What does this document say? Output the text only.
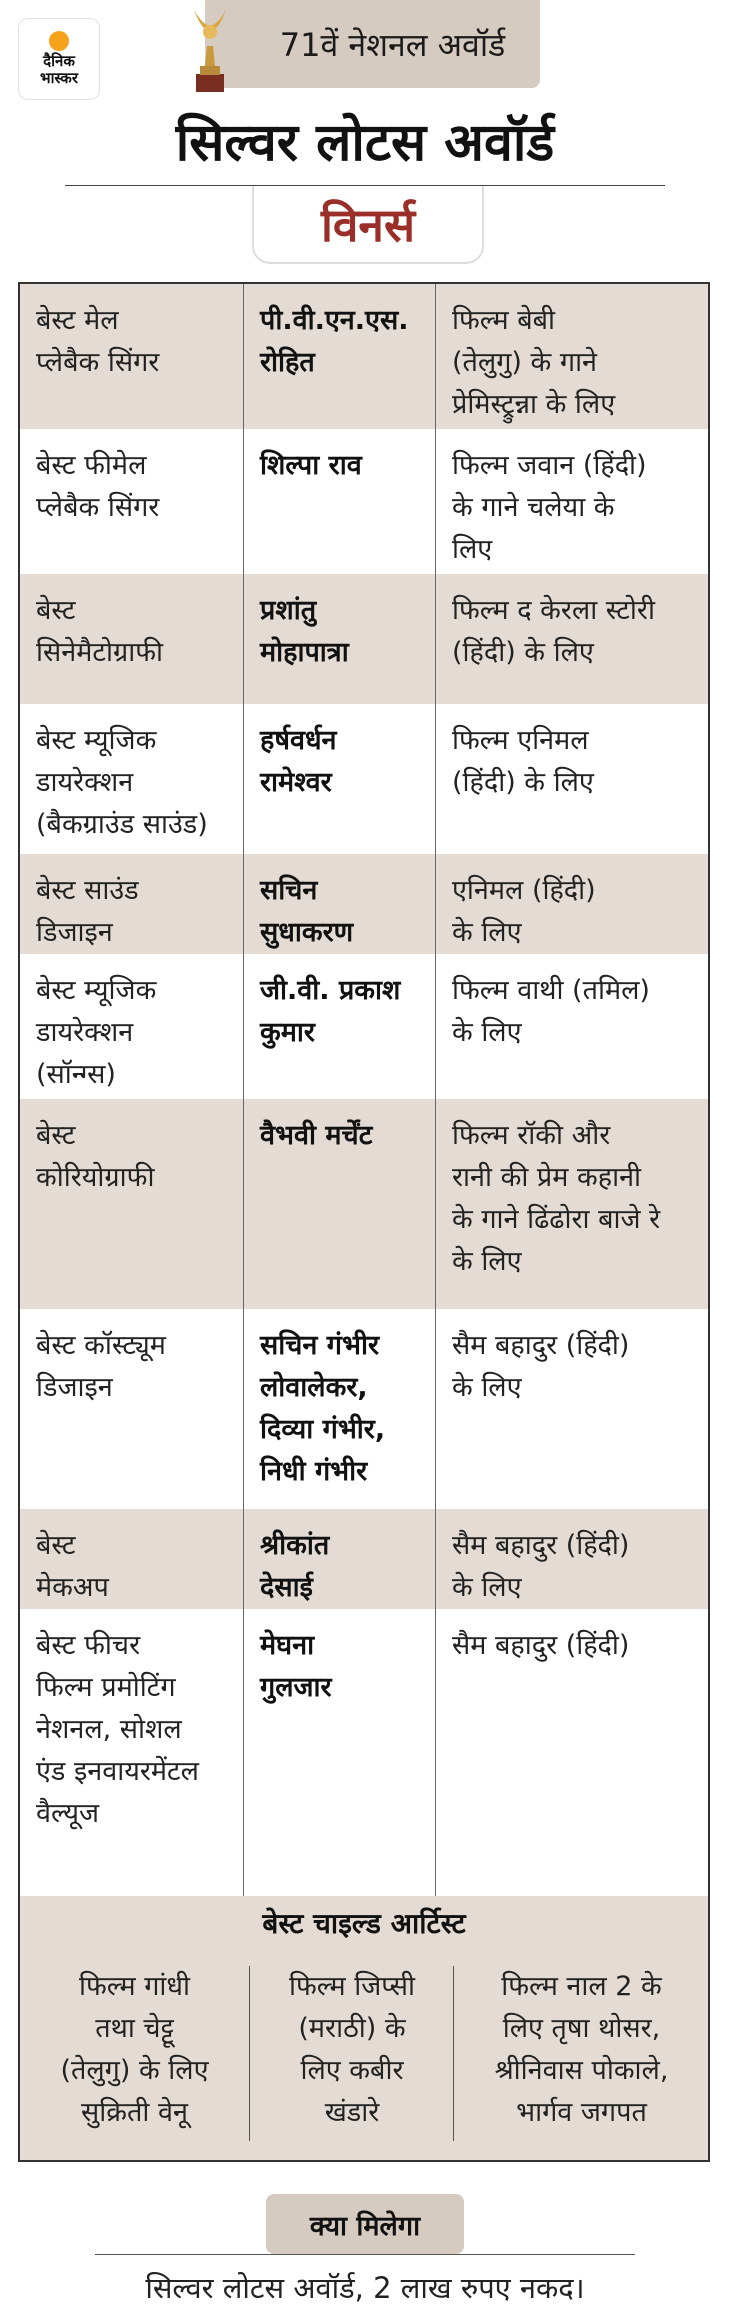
दैनिक
भास्कर
71वें नेशनल अवॉर्ड
सिल्वर लोटस अवॉर्ड
विनर्स
बेस्ट मेल
प्लेबैक सिंगर
पी.वी.एन.एस.
रोहित
फिल्म बेबी
(तेलुगु) के गाने
प्रेमिस्ट्रुन्ना के लिए
बेस्ट फीमेल
प्लेबैक सिंगर
शिल्पा राव	फिल्म जवान (हिंदी)
के गाने चलेया के
लिए
बेस्ट
सिनेमैटोग्राफी
प्रशांतु
मोहापात्रा
फिल्म द केरला स्टोरी
(हिंदी) के लिए
बेस्ट म्यूजिक
डायरेक्शन
(बैकग्राउंड साउंड)
हर्षवर्धन
रामेश्वर
फिल्म एनिमल
(हिंदी) के लिए
बेस्ट साउंड
डिजाइन
सचिन
सुधाकरण
एनिमल (हिंदी)
के लिए
बेस्ट म्यूजिक
डायरेक्शन
(सॉन्ग्स)
जी.वी. प्रकाश
कुमार
फिल्म वाथी (तमिल)
के लिए
बेस्ट
कोरियोग्राफी
वैभवी मर्चेंट	फिल्म रॉकी और
रानी की प्रेम कहानी
के गाने ढिंढोरा बाजे रे
के लिए
बेस्ट कॉस्ट्यूम
डिजाइन
सचिन गंभीर
लोवालेकर,
दिव्या गंभीर,
निधी गंभीर
सैम बहादुर (हिंदी)
के लिए
बेस्ट
मेकअप
श्रीकांत
देसाई
सैम बहादुर (हिंदी)
के लिए
बेस्ट फीचर
फिल्म प्रमोटिंग
नेशनल, सोशल
एंड इनवायरमेंटल
वैल्यूज
मेघना
गुलजार
सैम बहादुर (हिंदी)
बेस्ट चाइल्ड आर्टिस्ट
फिल्म गांधी
तथा चेट्टू
(तेलुगु) के लिए
सुक्रिती वेनू
फिल्म जिप्सी
(मराठी) के
लिए कबीर
खंडारे
फिल्म नाल 2 के
लिए तृषा थोसर,
श्रीनिवास पोकाले,
भार्गव जगपत
क्या मिलेगा
सिल्वर लोटस अवॉर्ड, 2 लाख रुपए नकद।
